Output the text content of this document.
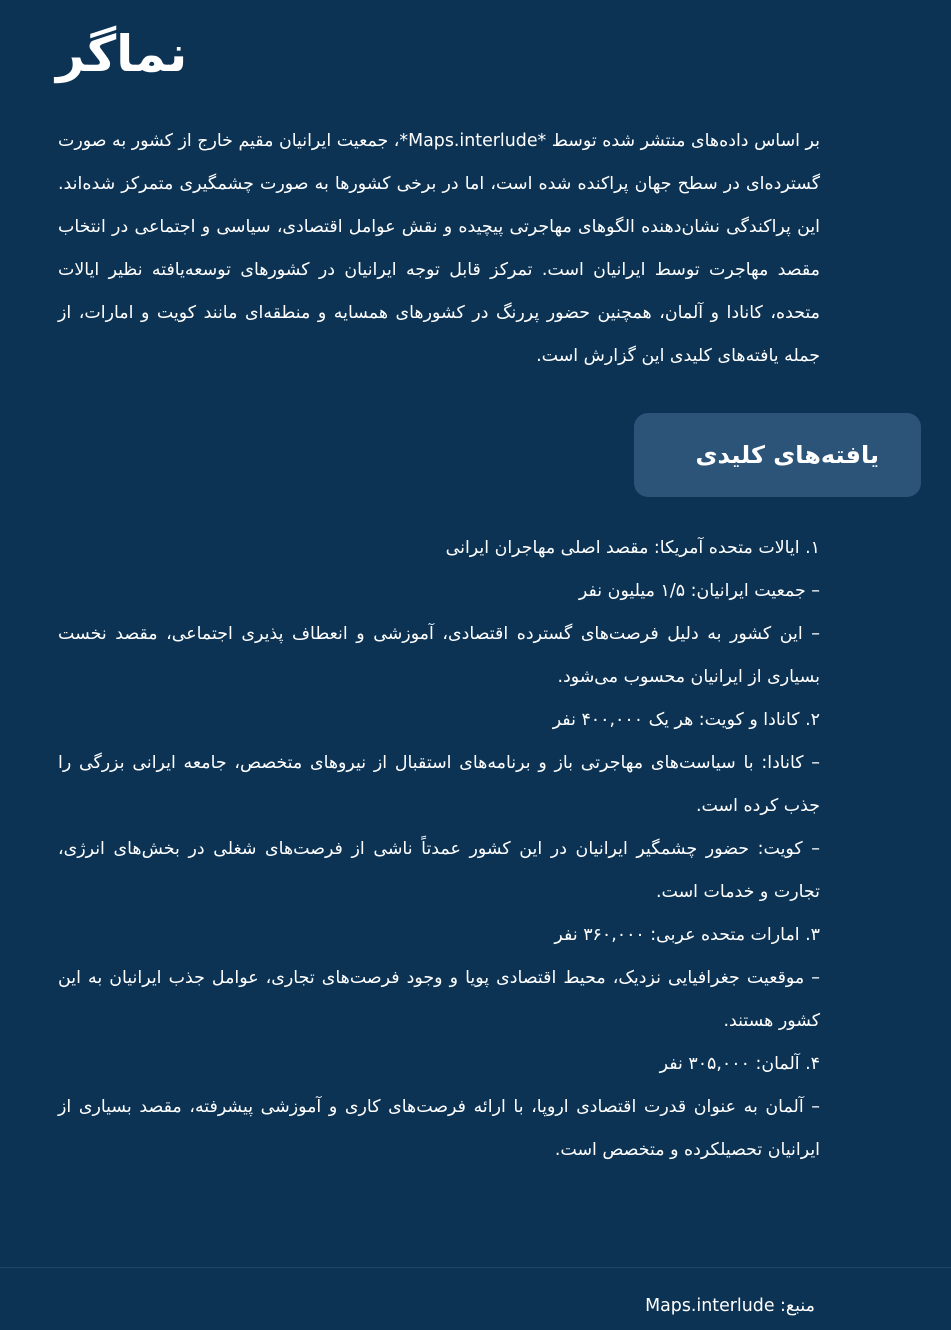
نماگر

بر اساس داده‌های منتشر شده توسط *Maps.interlude*، جمعیت ایرانیان مقیم خارج از کشور به صورت گسترده‌ای در سطح جهان پراکنده شده است، اما در برخی کشورها به صورت چشمگیری متمرکز شده‌اند. این پراکندگی نشان‌دهنده الگوهای مهاجرتی پیچیده و نقش عوامل اقتصادی، سیاسی و اجتماعی در انتخاب مقصد مهاجرت توسط ایرانیان است. تمرکز قابل توجه ایرانیان در کشورهای توسعه‌یافته نظیر ایالات متحده، کانادا و آلمان، همچنین حضور پررنگ در کشورهای همسایه و منطقه‌ای مانند کویت و امارات، از جمله یافته‌های کلیدی این گزارش است.

یافته‌های کلیدی
۱. ایالات متحده آمریکا: مقصد اصلی مهاجران ایرانی
– جمعیت ایرانیان: ۱/۵ میلیون نفر
– این کشور به دلیل فرصت‌های گسترده اقتصادی، آموزشی و انعطاف پذیری اجتماعی، مقصد نخست بسیاری از ایرانیان محسوب می‌شود.
۲. کانادا و کویت: هر یک ۴۰۰,۰۰۰ نفر
– کانادا: با سیاست‌های مهاجرتی باز و برنامه‌های استقبال از نیروهای متخصص، جامعه ایرانی بزرگی را جذب کرده است.
– کویت: حضور چشمگیر ایرانیان در این کشور عمدتاً ناشی از فرصت‌های شغلی در بخش‌های انرژی، تجارت و خدمات است.
۳. امارات متحده عربی: ۳۶۰,۰۰۰ نفر
– موقعیت جغرافیایی نزدیک، محیط اقتصادی پویا و وجود فرصت‌های تجاری، عوامل جذب ایرانیان به این کشور هستند.
۴. آلمان: ۳۰۵,۰۰۰ نفر
– آلمان به عنوان قدرت اقتصادی اروپا، با ارائه فرصت‌های کاری و آموزشی پیشرفته، مقصد بسیاری از ایرانیان تحصیلکرده و متخصص است.
منبع: Maps.interlude
